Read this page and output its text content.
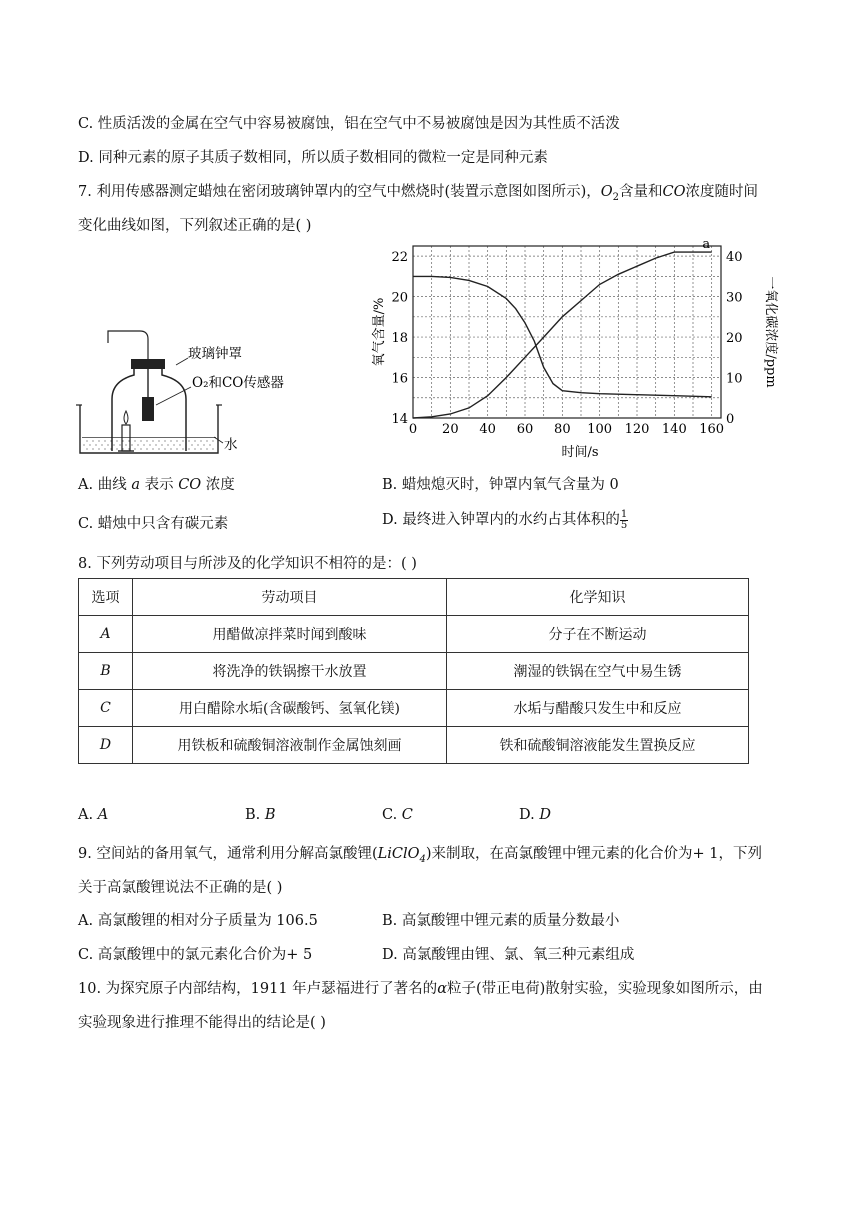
C. 性质活泼的金属在空气中容易被腐蚀，铝在空气中不易被腐蚀是因为其性质不活泼
D. 同种元素的原子其质子数相同，所以质子数相同的微粒一定是同种元素
7. 利用传感器测定蜡烛在密闭玻璃钟罩内的空气中燃烧时(装置示意图如图所示)，$O_2$含量和CO浓度随时间
变化曲线如图，下列叙述正确的是( )
玻璃钟罩
O₂和CO传感器
水
0 20 40 60 80 100 120 140 160
14
16
18
20
22
0
10
20
30
40
a
时间/s
氧气含量/%	一氧化碳浓度/ppm
A. 曲线 a 表示 CO 浓度	B. 蜡烛熄灭时，钟罩内氧气含量为 0
C. 蜡烛中只含有碳元素	D. 最终进入钟罩内的水约占其体积的 $\frac{1}{5}$
8. 下列劳动项目与所涉及的化学知识不相符的是：( )
选项	劳动项目	化学知识
A	用醋做凉拌菜时闻到酸味	分子在不断运动
B	将洗净的铁锅擦干水放置	潮湿的铁锅在空气中易生锈
C	用白醋除水垢(含碳酸钙、氢氧化镁)	水垢与醋酸只发生中和反应
D	用铁板和硫酸铜溶液制作金属蚀刻画	铁和硫酸铜溶液能发生置换反应
A. A	B. B	C. C	D. D
9. 空间站的备用氧气，通常利用分解高氯酸锂(LiClO$_4$)来制取，在高氯酸锂中锂元素的化合价为+ 1，下列
关于高氯酸锂说法不正确的是( )
A. 高氯酸锂的相对分子质量为 106.5	B. 高氯酸锂中锂元素的质量分数最小
C. 高氯酸锂中的氯元素化合价为+ 5	D. 高氯酸锂由锂、氯、氧三种元素组成
10. 为探究原子内部结构，1911 年卢瑟福进行了著名的α粒子(带正电荷)散射实验，实验现象如图所示，由
实验现象进行推理不能得出的结论是( )
